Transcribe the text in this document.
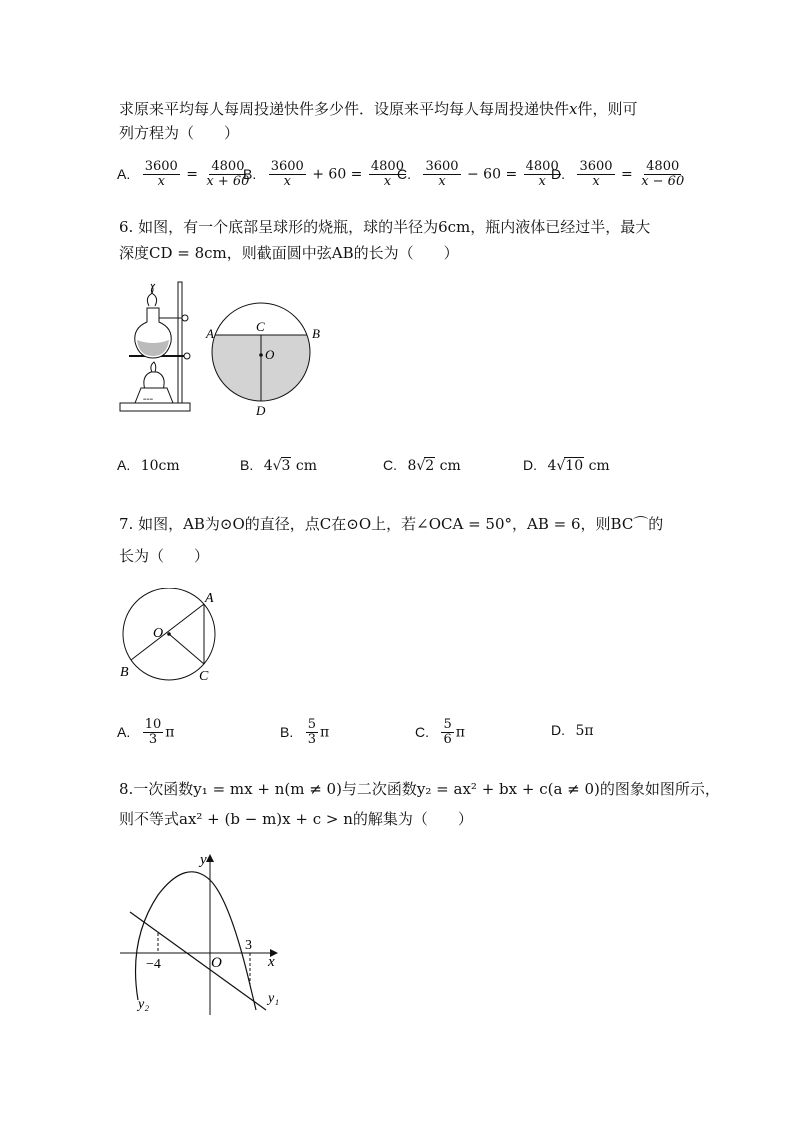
求原来平均每人每周投递快件多少件．设原来平均每人每周投递快件x件，则可
列方程为（　　）
A. $\frac{3600}{x} = \frac{4800}{x + 60}$
B. $\frac{3600}{x} + 60 = \frac{4800}{x}$
C. $\frac{3600}{x} - 60 = \frac{4800}{x}$
D. $\frac{3600}{x} = \frac{4800}{x - 60}$
6. 如图，有一个底部呈球形的烧瓶，球的半径为6cm，瓶内液体已经过半，最大
深度CD = 8cm，则截面圆中弦AB的长为（　　）
≡≡≡
A	B
C
O
D
A. 10cm	B. 4√3 cm	C. 8√2 cm	D. 4√10 cm
7. 如图，AB为⊙O的直径，点C在⊙O上，若∠OCA = 50°，AB = 6，则BC⌒的
长为（　　）
A
B	C
O
A. $\frac{10}{3}$ π	B. $\frac{5}{3}$ π	C. $\frac{5}{6}$ π	D. 5π
8.一次函数y₁ = mx + n(m ≠ 0)与二次函数y₂ = ax² + bx + c(a ≠ 0)的图象如图所示，
则不等式ax² + (b − m)x + c > n的解集为（　　）
y
x
O
−4
3
y₁
y₂
